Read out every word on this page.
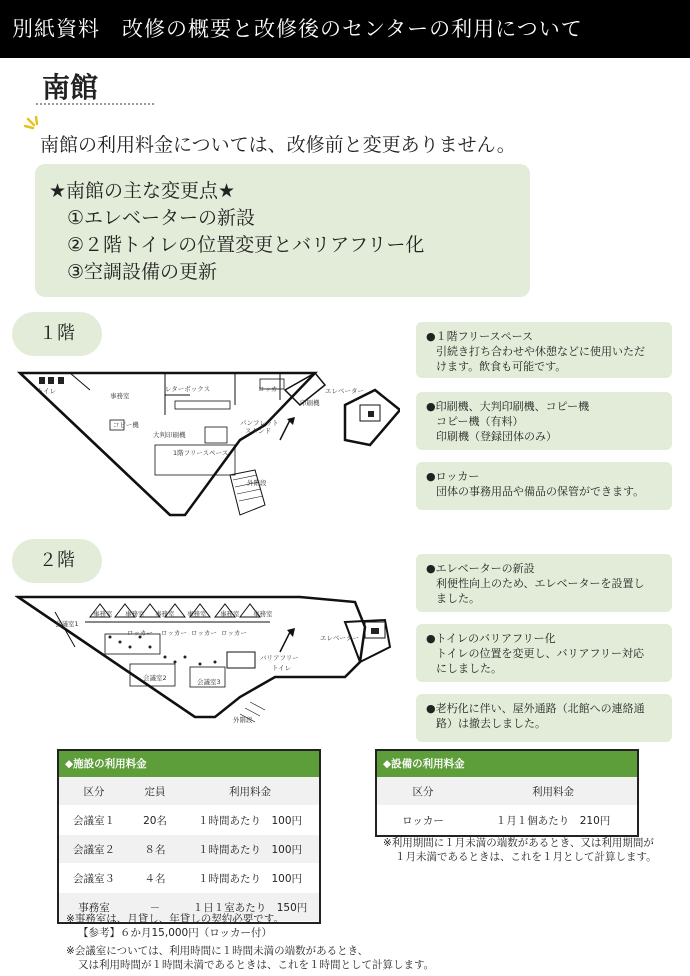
別紙資料　改修の概要と改修後のセンターの利用について
南館
南館の利用料金については、改修前と変更ありません。
★南館の主な変更点★
①エレベーターの新設
②２階トイレの位置変更とバリアフリー化
③空調設備の更新
１階
トイレ
事務室
コピー機
レターボックス	ロッカー
印刷機
エレベーター
パンフレット
スタンド
大判印刷機
1階フリースペース
外階段
●１階フリースペース
引続き打ち合わせや休憩などに使用いただ
けます。飲食も可能です。
●印刷機、大判印刷機、コピー機
コピー機（有料）
印刷機（登録団体のみ）
●ロッカー
団体の事務用品や備品の保管ができます。
２階
事務室 事務室 事務室 事務室 事務室 事務室
ロッカー ロッカー ロッカー ロッカー
会議室1
会議室2	会議室3
バリアフリー
トイレ
エレベーター
外階段
●エレベーターの新設
利便性向上のため、エレベーターを設置し
ました。
●トイレのバリアフリー化
トイレの位置を変更し、バリアフリー対応
にしました。
●老朽化に伴い、屋外通路（北館への連絡通
路）は撤去しました。
◆施設の利用料金
区分	定員	利用料金
会議室１	20名	１時間あたり　100円
会議室２	８名	１時間あたり　100円
会議室３	４名	１時間あたり　100円
事務室	－	１日１室あたり　150円
※事務室は、月貸し、年貸しの契約必要です。
【参考】６か月15,000円（ロッカー付）
※会議室については、利用時間に１時間未満の端数があるとき、
又は利用時間が１時間未満であるときは、これを１時間として計算します。
◆設備の利用料金
区分	利用料金
ロッカー	１月１個あたり　210円
※利用期間に１月未満の端数があるとき、又は利用期間が
１月未満であるときは、これを１月として計算します。
